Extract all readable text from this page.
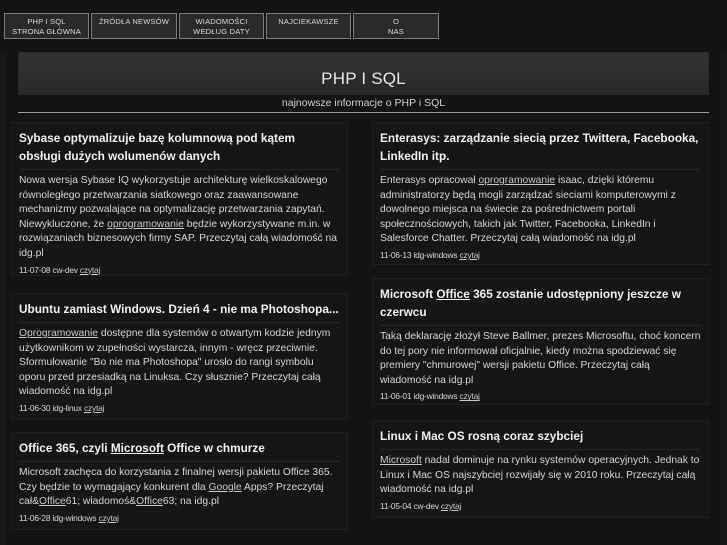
PHP I SQL
STRONA GŁÓWNA
ŹRÓDŁA NEWSÓW	WIADOMOŚCI
WEDŁUG DATY
NAJCIEKAWSZE	O
NAS
PHP I SQL
najnowsze informacje o PHP i SQL
Sybase optymalizuje bazę kolumnową pod kątem obsługi dużych wolumenów danych
Nowa wersja Sybase IQ wykorzystuje architekturę wielkoskalowego równoległego przetwarzania siatkowego oraz zaawansowane mechanizmy pozwalające na optymalizację przetwarzania zapytań. Niewykluczone, że oprogramowanie będzie wykorzystywane m.in. w rozwiązaniach biznesowych firmy SAP. Przeczytaj całą wiadomość na idg.pl
11-07-08 cw-dev czytaj
Enterasys: zarządzanie siecią przez Twittera, Facebooka, LinkedIn itp.
Enterasys opracował oprogramowanie isaac, dzięki któremu administratorzy będą mogli zarządzać sieciami komputerowymi z dowolnego miejsca na świecie za pośrednictwem portali społecznościowych, takich jak Twitter, Facebooka, LinkedIn i Salesforce Chatter. Przeczytaj całą wiadomość na idg.pl
11-06-13 idg-windows czytaj
Ubuntu zamiast Windows. Dzień 4 - nie ma Photoshopa...
Oprogramowanie dostępne dla systemów o otwartym kodzie jednym użytkownikom w zupełności wystarcza, innym - wręcz przeciwnie. Sformułowanie "Bo nie ma Photoshopa" urosło do rangi symbolu oporu przed przesiadką na Linuksa. Czy słusznie? Przeczytaj całą wiadomość na idg.pl
11-06-30 idg-linux czytaj
Microsoft Office 365 zostanie udostępniony jeszcze w czerwcu
Taką deklarację złożył Steve Ballmer, prezes Microsoftu, choć koncern do tej pory nie informował oficjalnie, kiedy można spodziewać się premiery "chmurowej" wersji pakietu Office. Przeczytaj całą wiadomość na idg.pl
11-06-01 idg-windows czytaj
Office 365, czyli Microsoft Office w chmurze
Microsoft zachęca do korzystania z finalnej wersji pakietu Office 365. Czy będzie to wymagający konkurent dla Google Apps? Przeczytaj cał&Office61; wiadomoś&Office63; na idg.pl
11-06-28 idg-windows czytaj
Linux i Mac OS rosną coraz szybciej
Microsoft nadal dominuje na rynku systemów operacyjnych. Jednak to Linux i Mac OS najszybciej rozwijały się w 2010 roku. Przeczytaj całą wiadomość na idg.pl
11-05-04 cw-dev czytaj
